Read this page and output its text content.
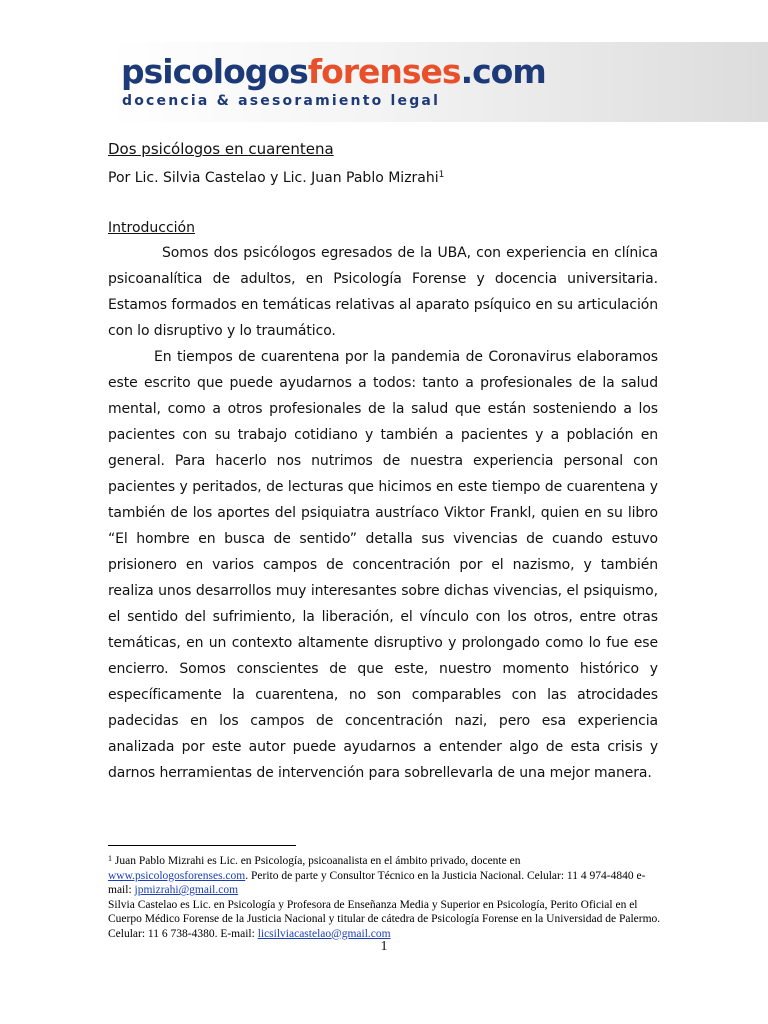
psicologosforenses.com
docencia & asesoramiento legal
Dos psicólogos en cuarentena
Por Lic. Silvia Castelao y Lic. Juan Pablo Mizrahi$^1$
Introducción

Somos dos psicólogos egresados de la UBA, con experiencia en clínica psicoanalítica de adultos, en Psicología Forense y docencia universitaria. Estamos formados en temáticas relativas al aparato psíquico en su articulación con lo disruptivo y lo traumático.

En tiempos de cuarentena por la pandemia de Coronavirus elaboramos este escrito que puede ayudarnos a todos: tanto a profesionales de la salud mental, como a otros profesionales de la salud que están sosteniendo a los pacientes con su trabajo cotidiano y también a pacientes y a población en general. Para hacerlo nos nutrimos de nuestra experiencia personal con pacientes y peritados, de lecturas que hicimos en este tiempo de cuarentena y también de los aportes del psiquiatra austríaco Viktor Frankl, quien en su libro “El hombre en busca de sentido” detalla sus vivencias de cuando estuvo prisionero en varios campos de concentración por el nazismo, y también realiza unos desarrollos muy interesantes sobre dichas vivencias, el psiquismo, el sentido del sufrimiento, la liberación, el vínculo con los otros, entre otras temáticas, en un contexto altamente disruptivo y prolongado como lo fue ese encierro. Somos conscientes de que este, nuestro momento histórico y específicamente la cuarentena, no son comparables con las atrocidades padecidas en los campos de concentración nazi, pero esa experiencia analizada por este autor puede ayudarnos a entender algo de esta crisis y darnos herramientas de intervención para sobrellevarla de una mejor manera.

$^1$ Juan Pablo Mizrahi es Lic. en Psicología, psicoanalista en el ámbito privado, docente en
www.psicologosforenses.com. Perito de parte y Consultor Técnico en la Justicia Nacional. Celular: 11 4 974-4840 e-mail: jpmizrahi@gmail.com

Silvia Castelao es Lic. en Psicología y Profesora de Enseñanza Media y Superior en Psicología, Perito Oficial en el Cuerpo Médico Forense de la Justicia Nacional y titular de cátedra de Psicología Forense en la Universidad de Palermo. Celular: 11 6 738-4380. E-mail: licsilviacastelao@gmail.com

1
